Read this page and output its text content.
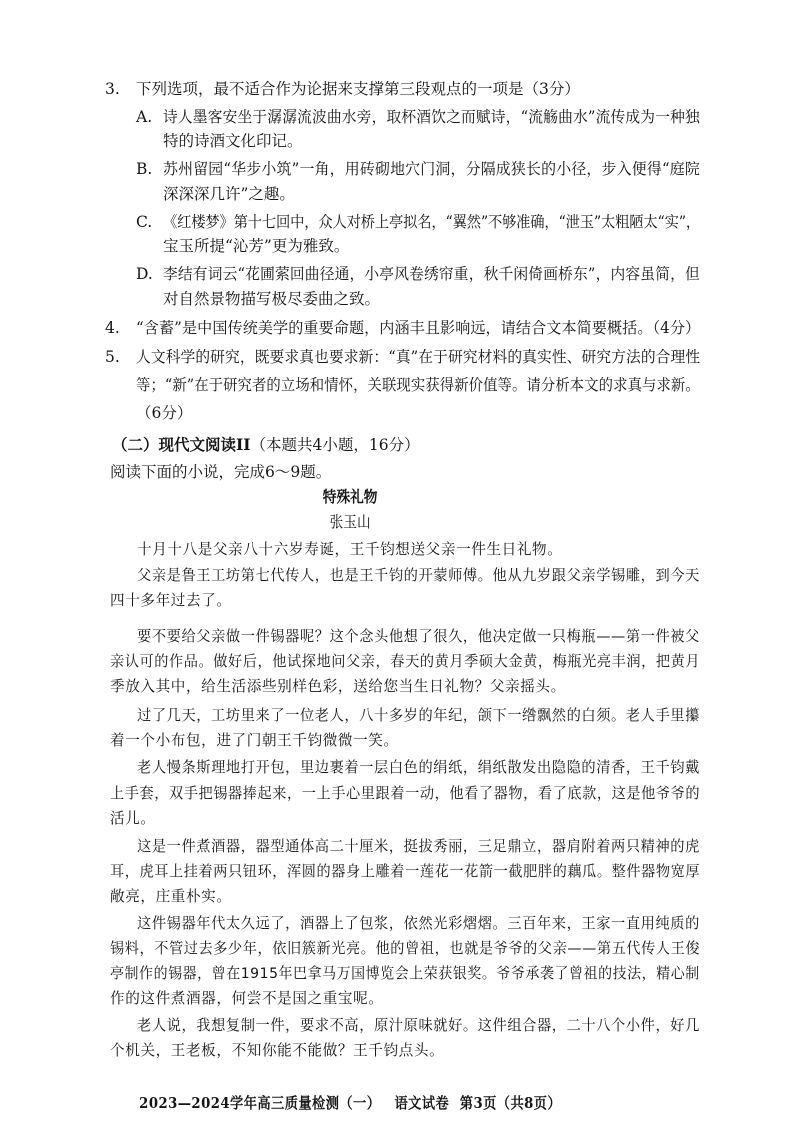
3. 下列选项，最不适合作为论据来支撑第三段观点的一项是（3分）
A. 诗人墨客安坐于潺潺流波曲水旁，取杯酒饮之而赋诗，“流觞曲水”流传成为一种独
特的诗酒文化印记。
B. 苏州留园“华步小筑”一角，用砖砌地穴门洞，分隔成狭长的小径，步入便得“庭院
深深深几许”之趣。
C. 《红楼梦》第十七回中，众人对桥上亭拟名，“翼然”不够准确，“泄玉”太粗陋太“实”，
宝玉所提“沁芳”更为雅致。
D. 李结有词云“花圃萦回曲径通，小亭风卷绣帘重，秋千闲倚画桥东”，内容虽简，但
对自然景物描写极尽委曲之致。
4. “含蓄”是中国传统美学的重要命题，内涵丰且影响远，请结合文本简要概括。（4分）
5. 人文科学的研究，既要求真也要求新：“真”在于研究材料的真实性、研究方法的合理性
等；“新”在于研究者的立场和情怀，关联现实获得新价值等。请分析本文的求真与求新。
（6分）
（二）现代文阅读II（本题共4小题，16分）
阅读下面的小说，完成6～9题。
特殊礼物
张玉山
十月十八是父亲八十六岁寿诞，王千钧想送父亲一件生日礼物。
父亲是鲁王工坊第七代传人，也是王千钧的开蒙师傅。他从九岁跟父亲学锡雕，到今天
四十多年过去了。
要不要给父亲做一件锡器呢？这个念头他想了很久，他决定做一只梅瓶——第一件被父
亲认可的作品。做好后，他试探地问父亲，春天的黄月季硕大金黄，梅瓶光亮丰润，把黄月
季放入其中，给生活添些别样色彩，送给您当生日礼物？父亲摇头。
过了几天，工坊里来了一位老人，八十多岁的年纪，颌下一绺飘然的白须。老人手里攥
着一个小布包，进了门朝王千钧微微一笑。
老人慢条斯理地打开包，里边裹着一层白色的绢纸，绢纸散发出隐隐的清香，王千钧戴
上手套，双手把锡器捧起来，一上手心里跟着一动，他看了器物，看了底款，这是他爷爷的
活儿。
这是一件煮酒器，器型通体高二十厘米，挺拔秀丽，三足鼎立，器肩附着两只精神的虎
耳，虎耳上挂着两只钮环，浑圆的器身上雕着一莲花一花箭一截肥胖的藕瓜。整件器物宽厚
敞亮，庄重朴实。
这件锡器年代太久远了，酒器上了包浆，依然光彩熠熠。三百年来，王家一直用纯质的
锡料，不管过去多少年，依旧簇新光亮。他的曾祖，也就是爷爷的父亲——第五代传人王俊
亭制作的锡器，曾在1915年巴拿马万国博览会上荣获银奖。爷爷承袭了曾祖的技法，精心制
作的这件煮酒器，何尝不是国之重宝呢。
老人说，我想复制一件，要求不高，原汁原味就好。这件组合器，二十八个小件，好几
个机关，王老板，不知你能不能做？王千钧点头。
2023—2024学年高三质量检测（一） 语文试卷 第3页（共8页）
